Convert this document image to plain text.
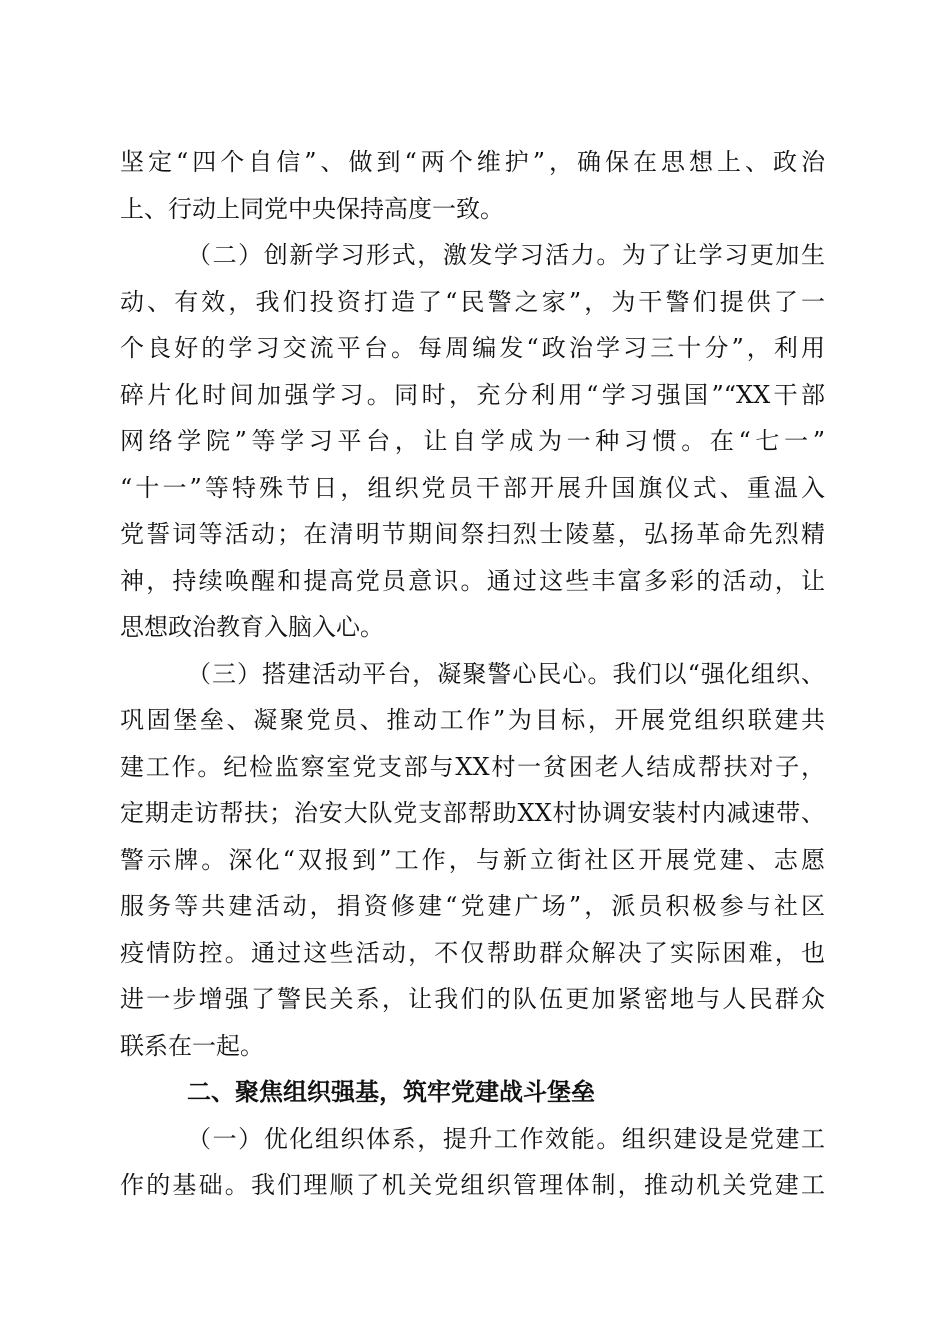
坚定“四个自信”、做到“两个维护”，确保在思想上、政治
上、行动上同党中央保持高度一致。
（二）创新学习形式，激发学习活力。为了让学习更加生
动、有效，我们投资打造了“民警之家”，为干警们提供了一
个良好的学习交流平台。每周编发“政治学习三十分”，利用
碎片化时间加强学习。同时，充分利用“学习强国”“XX干部
网络学院”等学习平台，让自学成为一种习惯。在“七一”
“十一”等特殊节日，组织党员干部开展升国旗仪式、重温入
党誓词等活动；在清明节期间祭扫烈士陵墓，弘扬革命先烈精
神，持续唤醒和提高党员意识。通过这些丰富多彩的活动，让
思想政治教育入脑入心。
（三）搭建活动平台，凝聚警心民心。我们以“强化组织、
巩固堡垒、凝聚党员、推动工作”为目标，开展党组织联建共
建工作。纪检监察室党支部与XX村一贫困老人结成帮扶对子，
定期走访帮扶；治安大队党支部帮助XX村协调安装村内减速带、
警示牌。深化“双报到”工作，与新立街社区开展党建、志愿
服务等共建活动，捐资修建“党建广场”，派员积极参与社区
疫情防控。通过这些活动，不仅帮助群众解决了实际困难，也
进一步增强了警民关系，让我们的队伍更加紧密地与人民群众
联系在一起。
二、聚焦组织强基，筑牢党建战斗堡垒
（一）优化组织体系，提升工作效能。组织建设是党建工
作的基础。我们理顺了机关党组织管理体制，推动机关党建工
